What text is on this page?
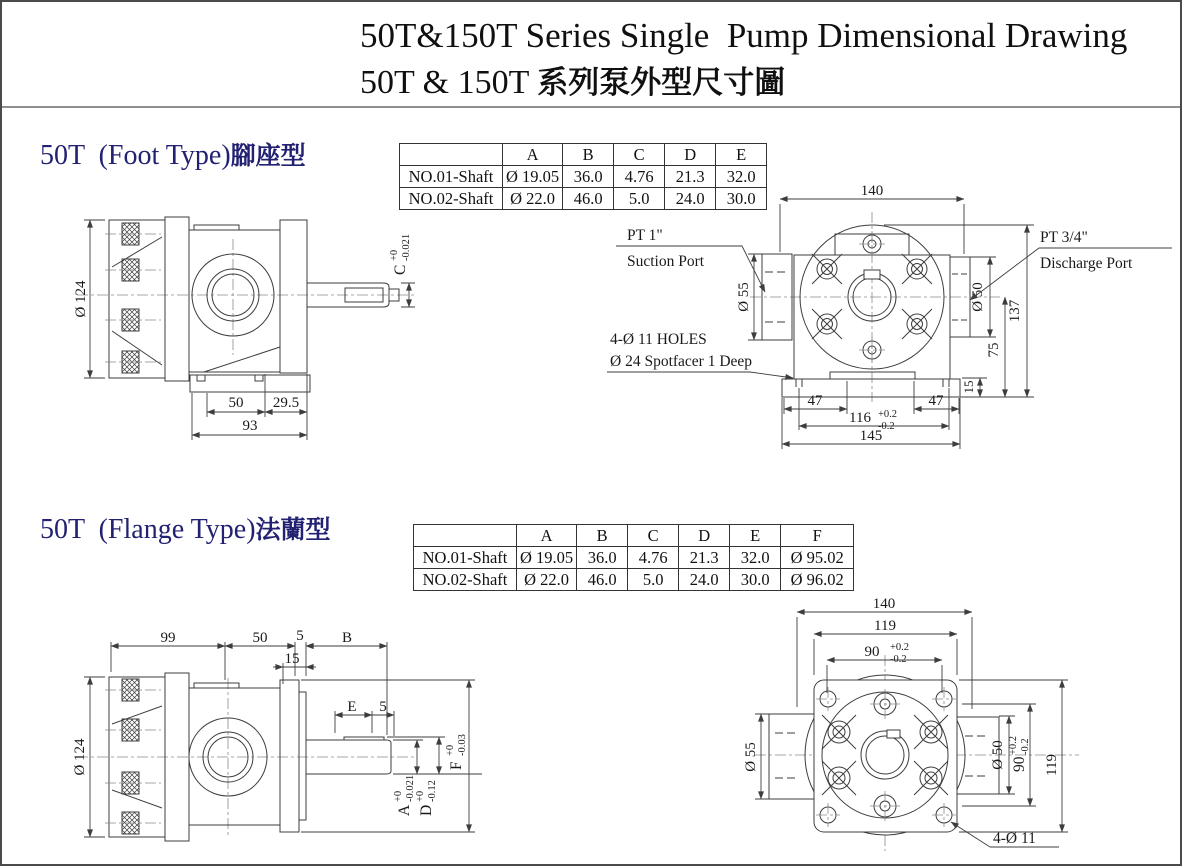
50T&150T Series Single  Pump Dimensional Drawing
50T & 150T 系列泵外型尺寸圖
50T  (Foot Type)腳座型
		A	B	C	D	E
NO.01-Shaft	Ø 19.05	36.0	4.76	21.3	32.0
NO.02-Shaft	Ø 22.0	46.0	5.0	24.0	30.0
Ø 124
C
+0 -0.021
50 29.5
93
140
Ø 55	Ø 50 137
75
15
47	47
116 +0.2
-0.2
145
PT 1"
Suction Port
4-Ø 11 HOLES
Ø 24 Spotfacer 1 Deep
PT 3/4"
Discharge Port
50T  (Flange Type)法蘭型
		A	B	C	D	E	F
NO.01-Shaft	Ø 19.05	36.0	4.76	21.3	32.0	Ø 95.02
NO.02-Shaft	Ø 22.0	46.0	5.0	24.0	30.0	Ø 96.02
Ø 124
99	50 5	B
15
E 5
A
+0 -0.021
D
+0 -0.12
F
+0 -0.03
140
119
90 +0.2
-0.2
Ø 55	Ø 50 90
+0.2 -0.2
119
4-Ø 11
